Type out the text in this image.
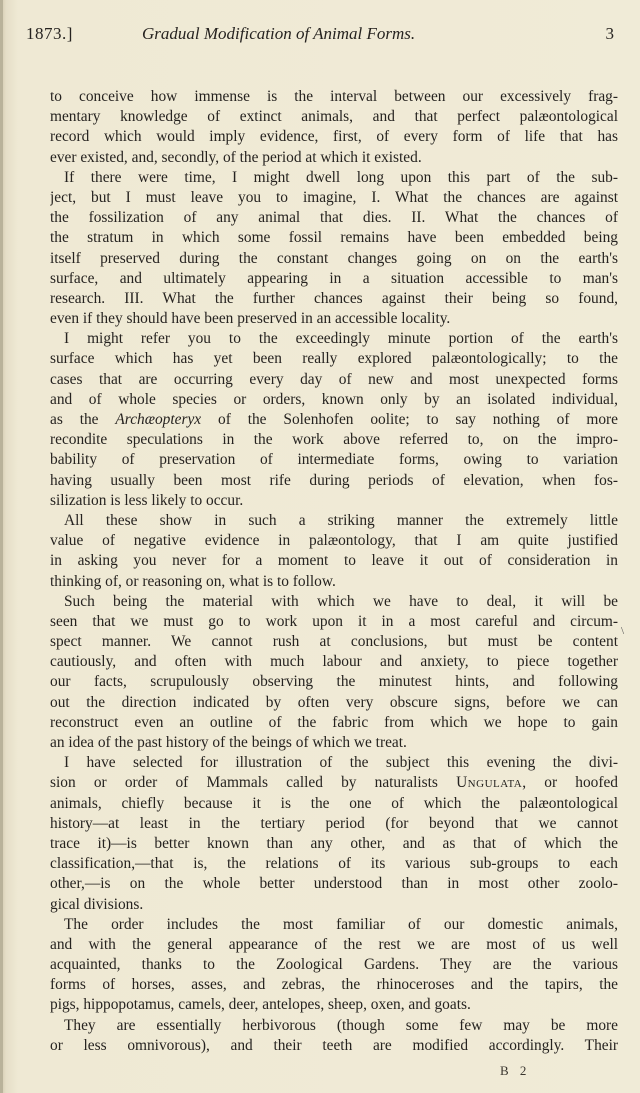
1873.]	Gradual Modification of Animal Forms.	3
to conceive how immense is the interval between our excessively frag-
mentary knowledge of extinct animals, and that perfect palæontological
record which would imply evidence, first, of every form of life that has
ever existed, and, secondly, of the period at which it existed.
If there were time, I might dwell long upon this part of the sub-
ject, but I must leave you to imagine, I. What the chances are against
the fossilization of any animal that dies. II. What the chances of
the stratum in which some fossil remains have been embedded being
itself preserved during the constant changes going on on the earth's
surface, and ultimately appearing in a situation accessible to man's
research. III. What the further chances against their being so found,
even if they should have been preserved in an accessible locality.
I might refer you to the exceedingly minute portion of the earth's
surface which has yet been really explored palæontologically; to the
cases that are occurring every day of new and most unexpected forms
and of whole species or orders, known only by an isolated individual,
as the Archæopteryx of the Solenhofen oolite; to say nothing of more
recondite speculations in the work above referred to, on the impro-
bability of preservation of intermediate forms, owing to variation
having usually been most rife during periods of elevation, when fos-
silization is less likely to occur.
All these show in such a striking manner the extremely little
value of negative evidence in palæontology, that I am quite justified
in asking you never for a moment to leave it out of consideration in
thinking of, or reasoning on, what is to follow.
Such being the material with which we have to deal, it will be
seen that we must go to work upon it in a most careful and circum-
spect manner. We cannot rush at conclusions, but must be content
cautiously, and often with much labour and anxiety, to piece together
our facts, scrupulously observing the minutest hints, and following
out the direction indicated by often very obscure signs, before we can
reconstruct even an outline of the fabric from which we hope to gain
an idea of the past history of the beings of which we treat.
I have selected for illustration of the subject this evening the divi-
sion or order of Mammals called by naturalists Ungulata, or hoofed
animals, chiefly because it is the one of which the palæontological
history—at least in the tertiary period (for beyond that we cannot
trace it)—is better known than any other, and as that of which the
classification,—that is, the relations of its various sub-groups to each
other,—is on the whole better understood than in most other zoolo-
gical divisions.
The order includes the most familiar of our domestic animals,
and with the general appearance of the rest we are most of us well
acquainted, thanks to the Zoological Gardens. They are the various
forms of horses, asses, and zebras, the rhinoceroses and the tapirs, the
pigs, hippopotamus, camels, deer, antelopes, sheep, oxen, and goats.
They are essentially herbivorous (though some few may be more
or less omnivorous), and their teeth are modified accordingly. Their
\
B 2
